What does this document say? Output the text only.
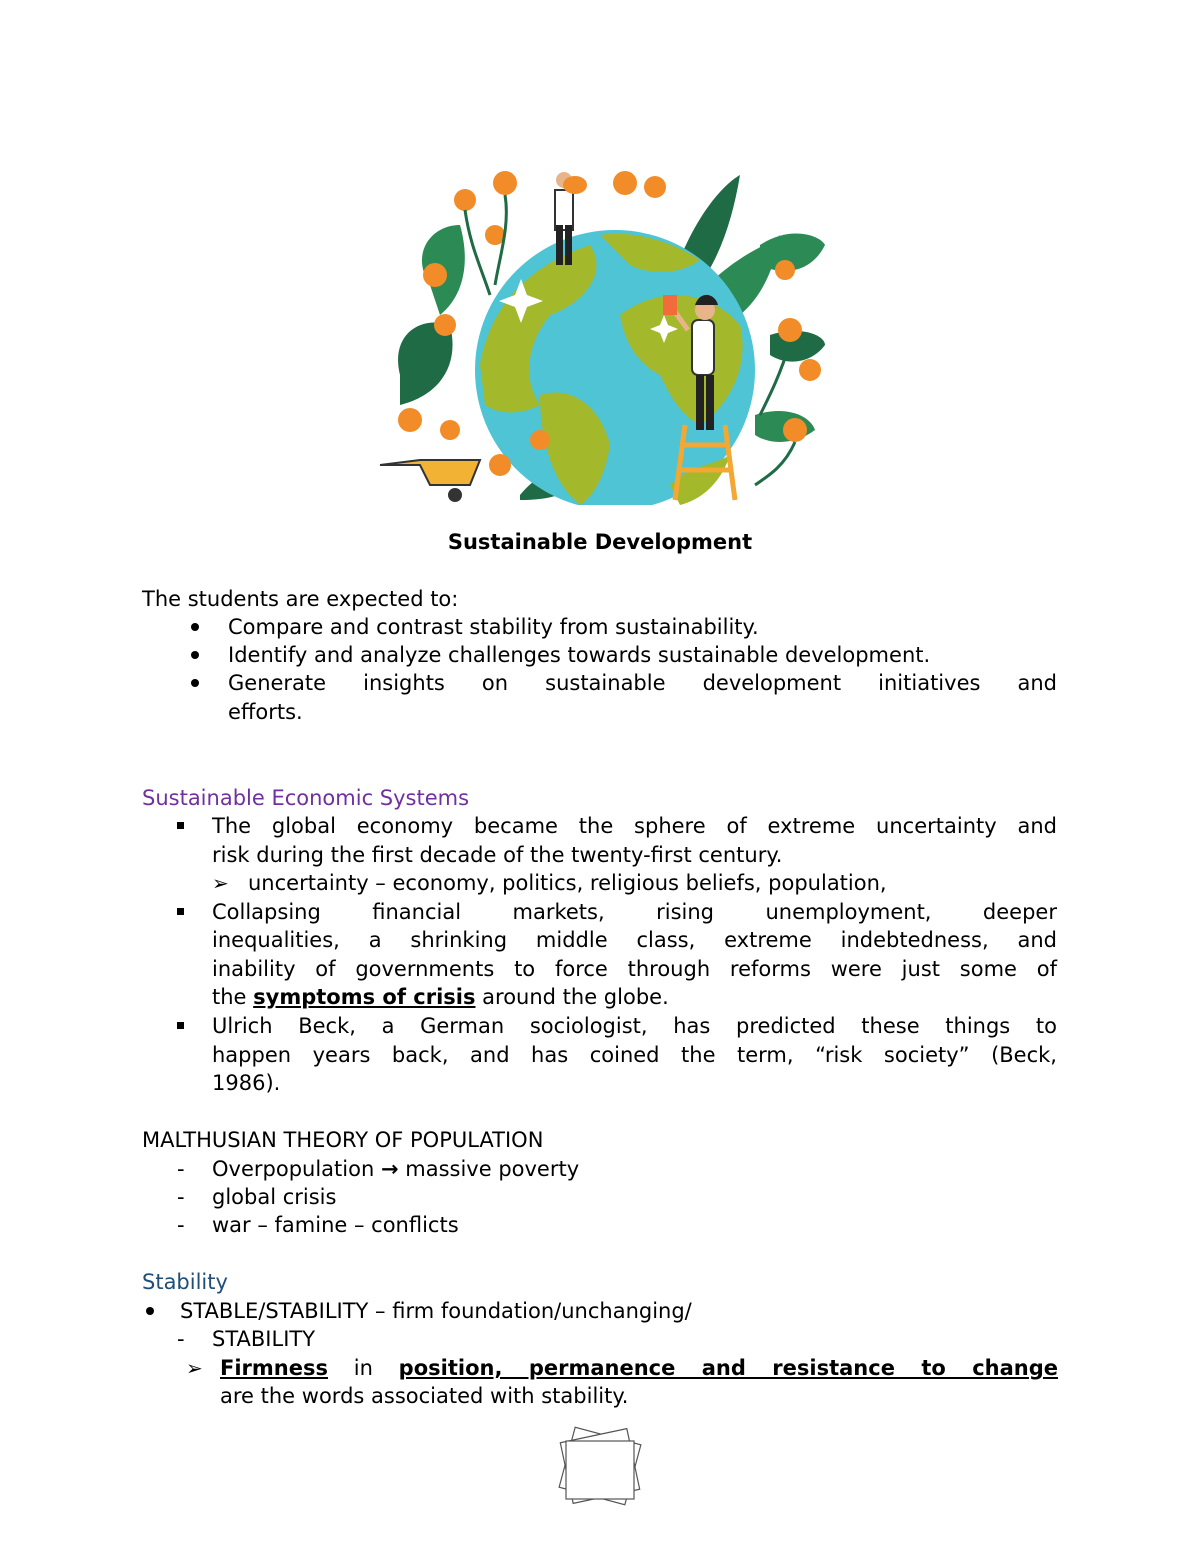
Sustainable Development
The students are expected to:
Compare and contrast stability from sustainability.
Identify and analyze challenges towards sustainable development.
Generate insights on sustainable development initiatives and
efforts.
Sustainable Economic Systems
The global economy became the sphere of extreme uncertainty and
risk during the first decade of the twenty-first century.
➢ uncertainty – economy, politics, religious beliefs, population,
Collapsing financial markets, rising unemployment, deeper
inequalities, a shrinking middle class, extreme indebtedness, and
inability of governments to force through reforms were just some of
the symptoms of crisis around the globe.
Ulrich Beck, a German sociologist, has predicted these things to
happen years back, and has coined the term, “risk society” (Beck,
1986).
MALTHUSIAN THEORY OF POPULATION
- Overpopulation → massive poverty
- global crisis
- war – famine – conflicts
Stability
STABLE/STABILITY – firm foundation/unchanging/
- STABILITY
➢ Firmness in position, permanence and resistance to change
are the words associated with stability.
